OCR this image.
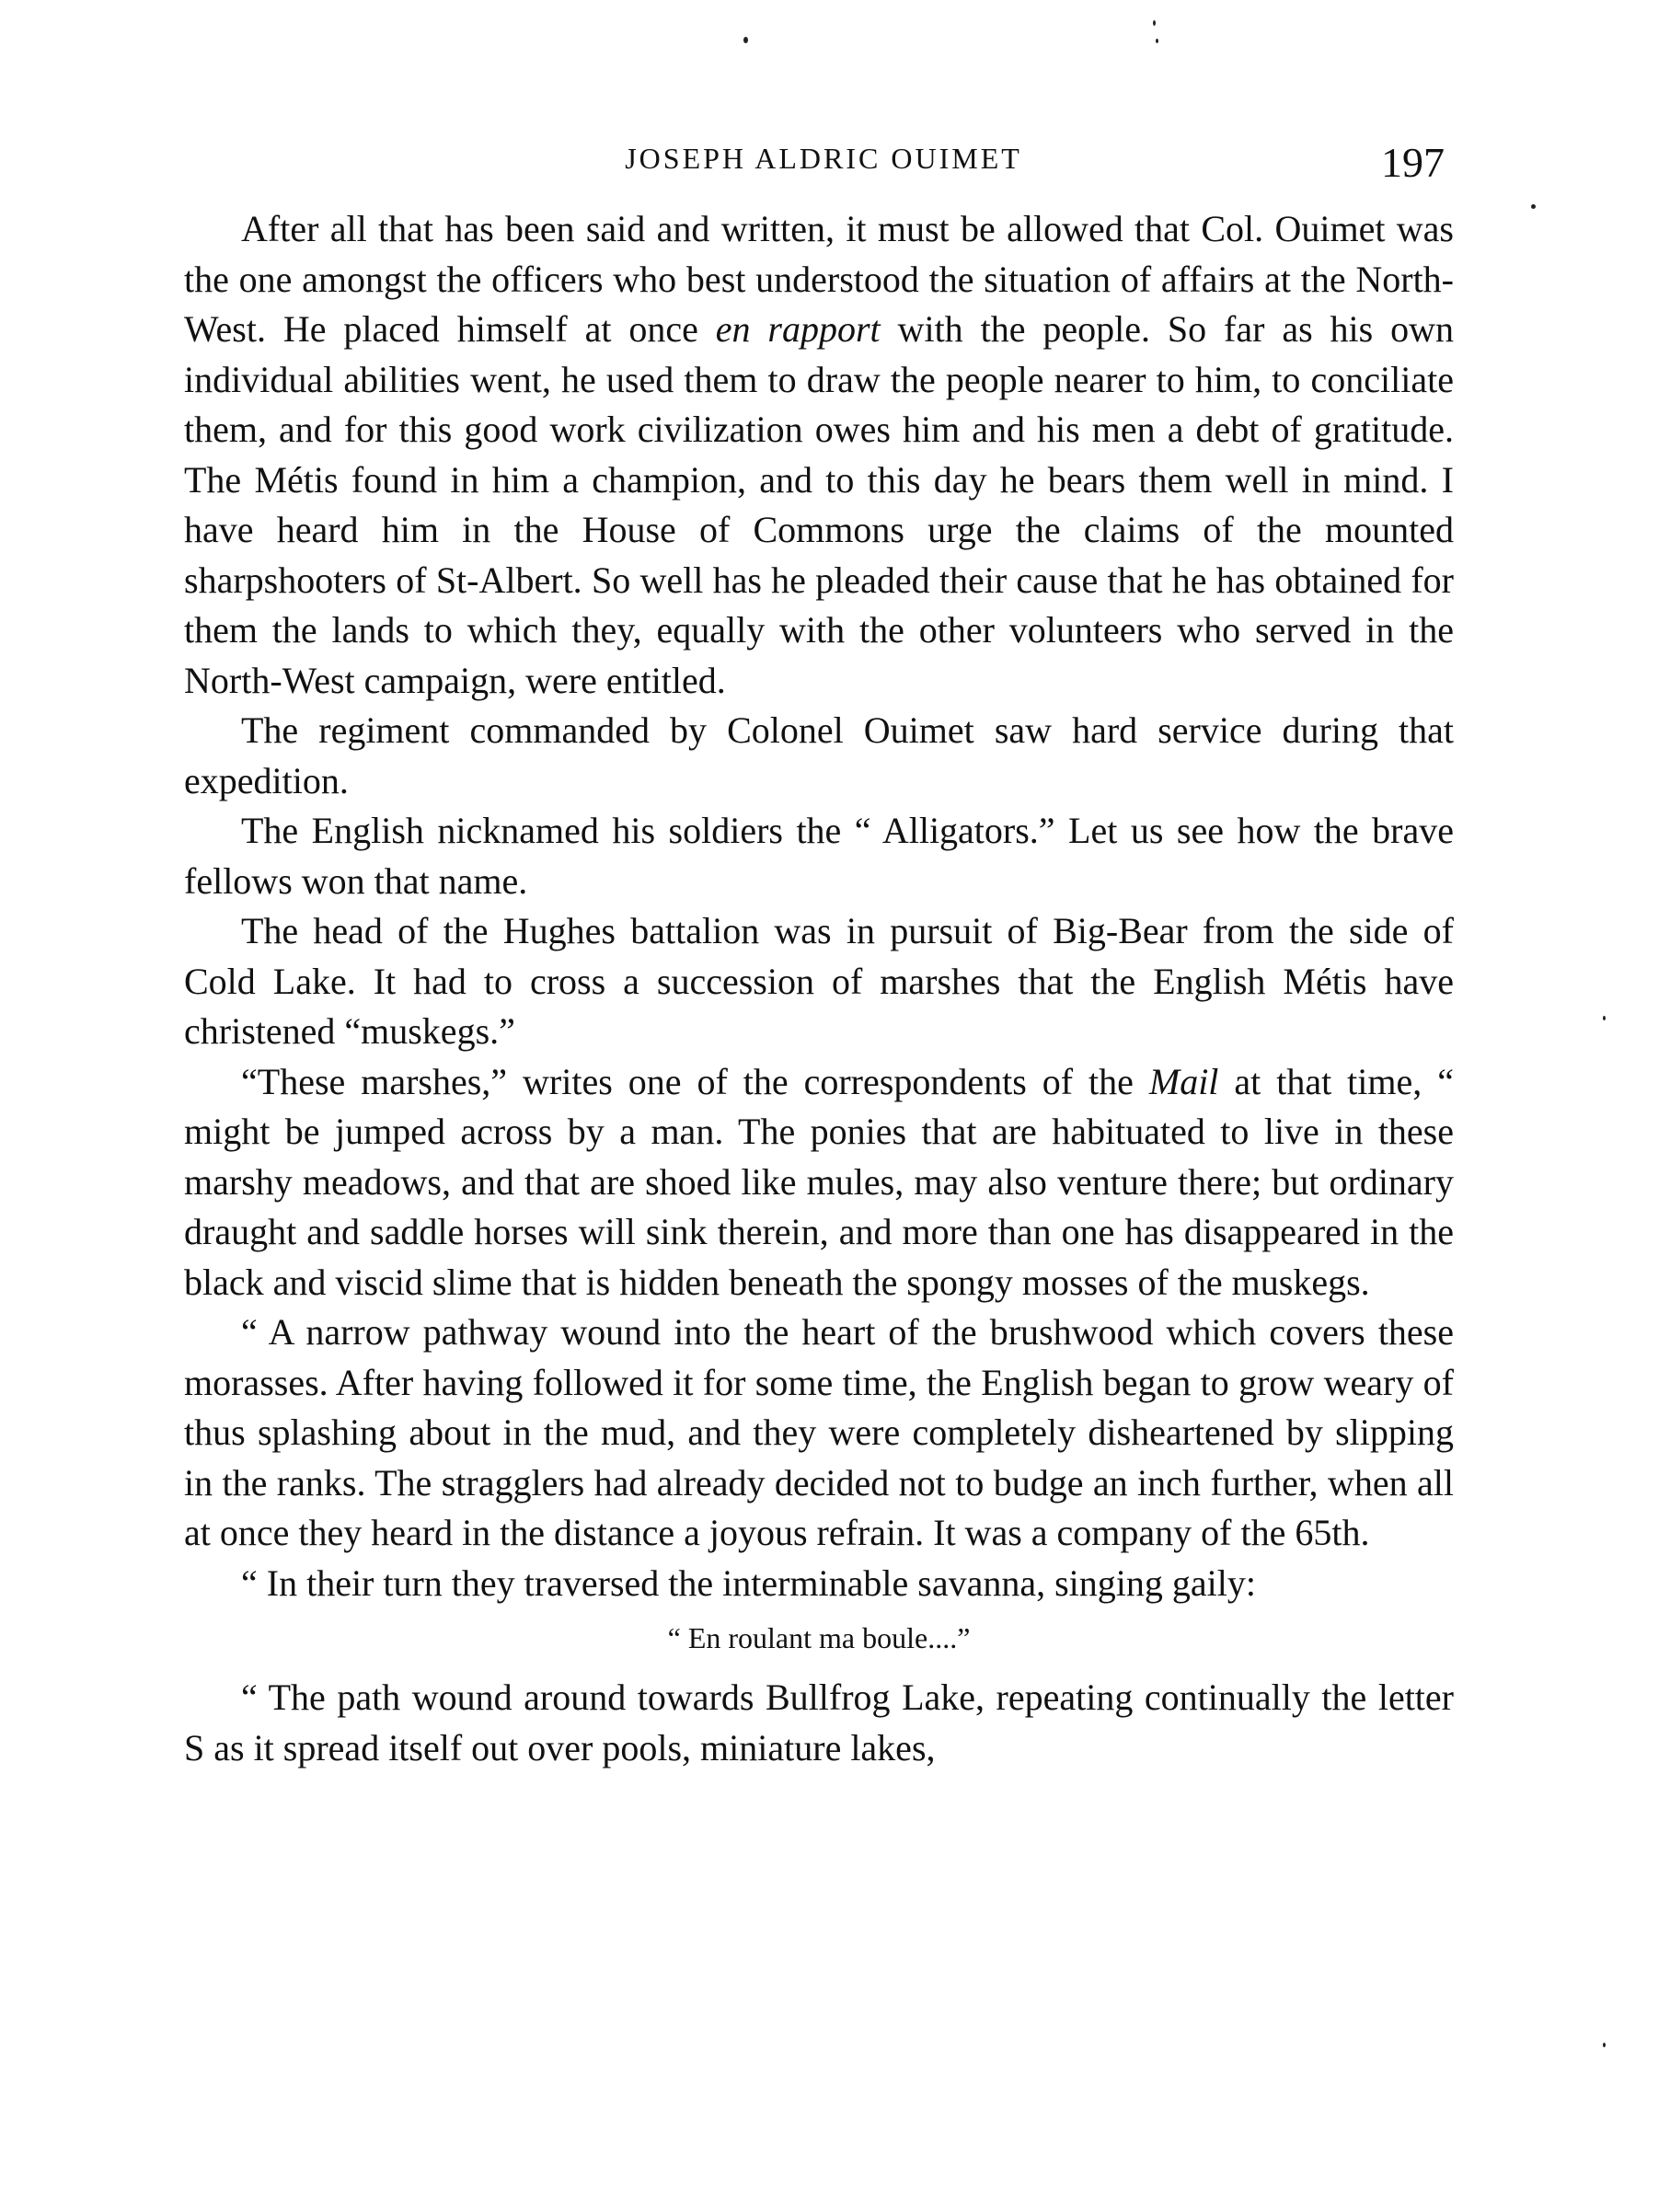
JOSEPH ALDRIC OUIMET	197

After all that has been said and written, it must be allowed that Col. Ouimet was the one amongst the officers who best understood the situation of affairs at the North-West. He placed himself at once en rapport with the people. So far as his own individual abilities went, he used them to draw the people nearer to him, to conciliate them, and for this good work civilization owes him and his men a debt of gratitude. The Métis found in him a champion, and to this day he bears them well in mind. I have heard him in the House of Commons urge the claims of the mounted sharpshooters of St-Albert. So well has he pleaded their cause that he has obtained for them the lands to which they, equally with the other volunteers who served in the North-West campaign, were entitled.

The regiment commanded by Colonel Ouimet saw hard service during that expedition.

The English nicknamed his soldiers the “ Alligators.” Let us see how the brave fellows won that name.

The head of the Hughes battalion was in pursuit of Big-Bear from the side of Cold Lake. It had to cross a succession of marshes that the English Métis have christened “muskegs.”

“These marshes,” writes one of the correspondents of the Mail at that time, “ might be jumped across by a man. The ponies that are habituated to live in these marshy meadows, and that are shoed like mules, may also venture there; but ordinary draught and saddle horses will sink therein, and more than one has disappeared in the black and viscid slime that is hidden beneath the spongy mosses of the muskegs.

“ A narrow pathway wound into the heart of the brushwood which covers these morasses. After having followed it for some time, the English began to grow weary of thus splashing about in the mud, and they were completely disheartened by slipping in the ranks. The stragglers had already decided not to budge an inch further, when all at once they heard in the distance a joyous refrain. It was a company of the 65th.

“ In their turn they traversed the interminable savanna, singing gaily:

“ En roulant ma boule....”

“ The path wound around towards Bullfrog Lake, repeating continually the letter S as it spread itself out over pools, miniature lakes,
